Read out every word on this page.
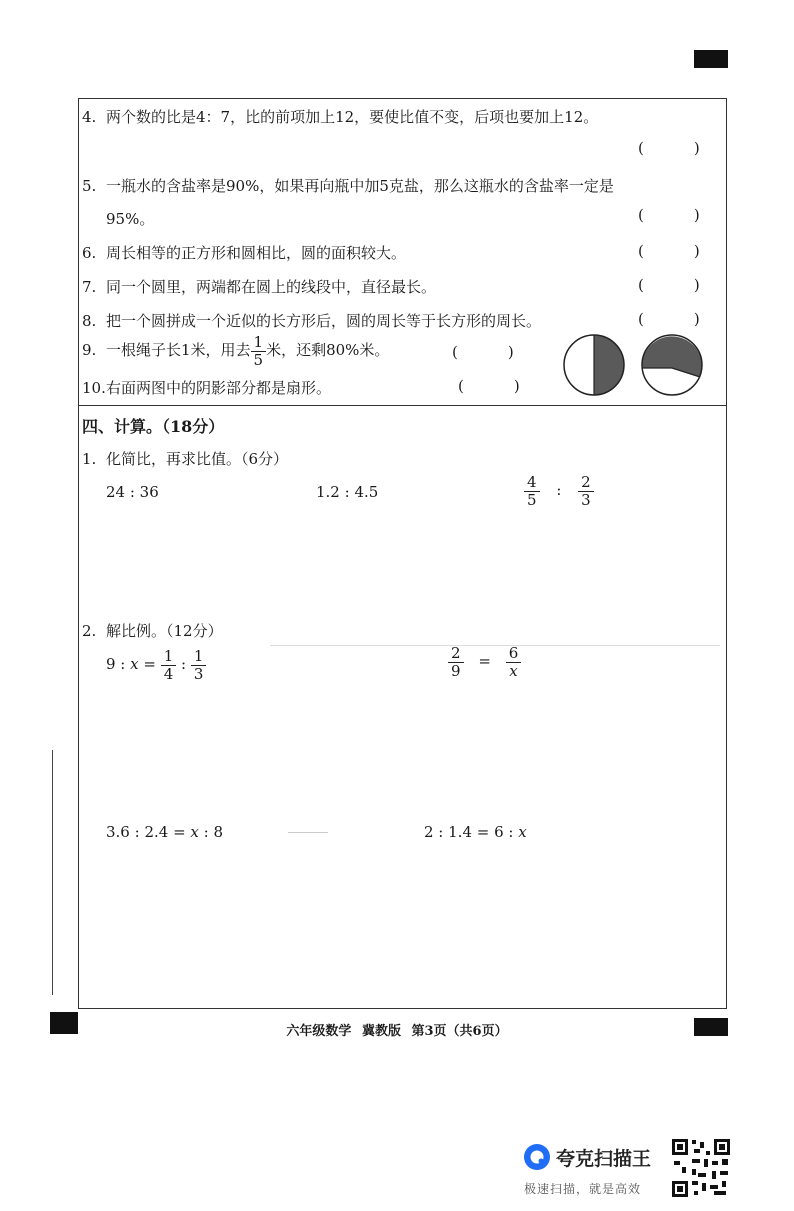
4. 两个数的比是4：7，比的前项加上12，要使比值不变，后项也要加上12。
(	)
5. 一瓶水的含盐率是90%，如果再向瓶中加5克盐，那么这瓶水的含盐率一定是
95%。	(	)
6. 周长相等的正方形和圆相比，圆的面积较大。	(	)
7. 同一个圆里，两端都在圆上的线段中，直径最长。	(	)
8. 把一个圆拼成一个近似的长方形后，圆的周长等于长方形的周长。	(	)
9. 一根绳子长1米，用去 $\frac{1}{5}$ 米，还剩80%米。	(	)
10.右面两图中的阴影部分都是扇形。	(	)
四、计算。（18分）
1. 化简比，再求比值。（6分）
24 : 36	1.2 : 4.5	$\frac{4}{5}$ : $\frac{2}{3}$
2. 解比例。（12分）
9 : $x = \frac{1}{4}$ : $\frac{1}{3}$	$\frac{2}{9} = \frac{6}{x}$
3.6 : 2.4 = x : 8	2 : 1.4 = 6 : x
六年级数学 冀教版 第3页（共6页）
夸克扫描王
极速扫描，就是高效
